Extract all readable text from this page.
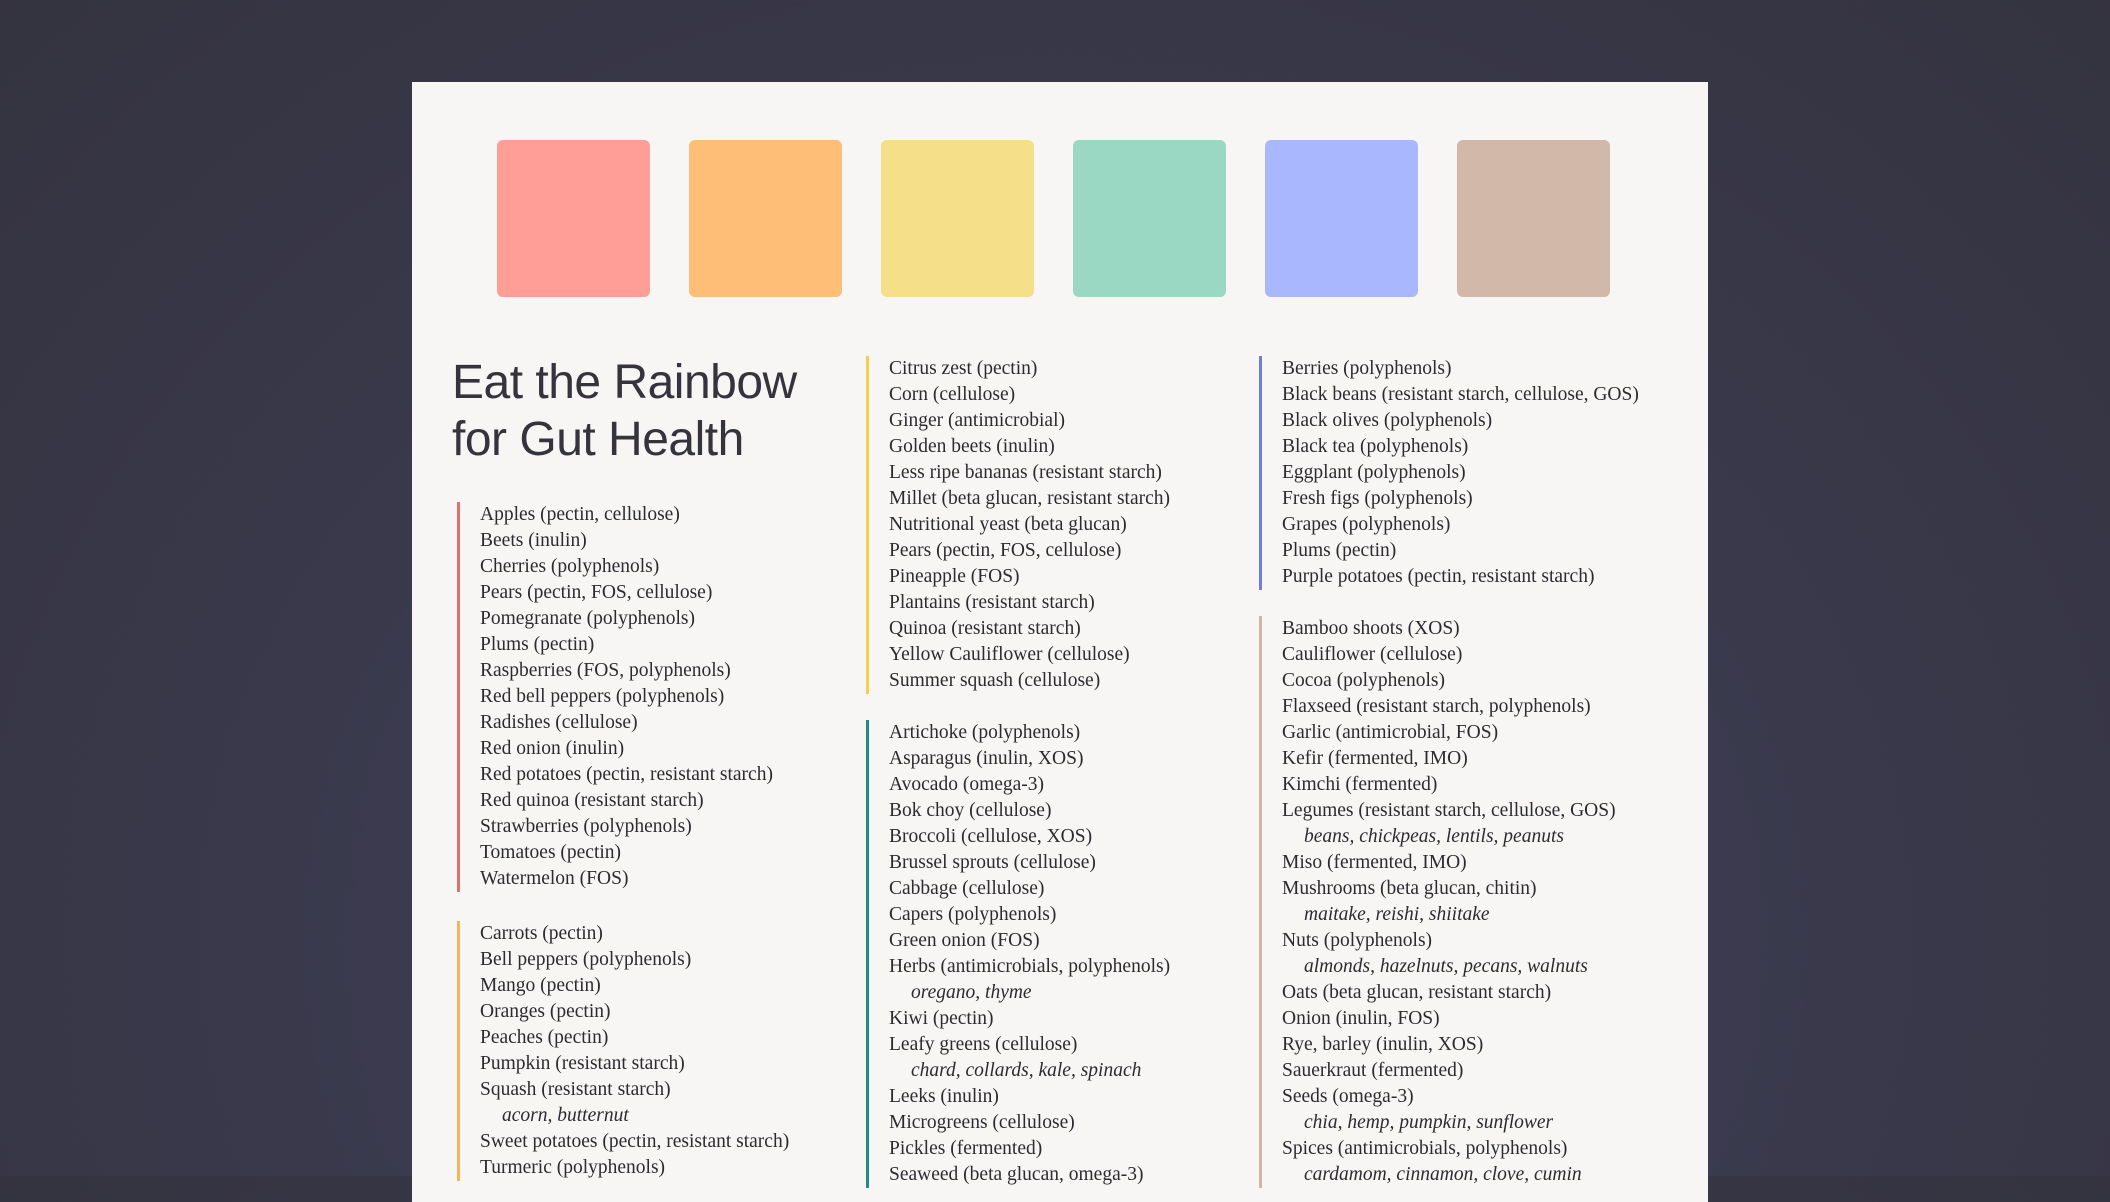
Eat the Rainbow
for Gut Health
Apples (pectin, cellulose)
Beets (inulin)
Cherries (polyphenols)
Pears (pectin, FOS, cellulose)
Pomegranate (polyphenols)
Plums (pectin)
Raspberries (FOS, polyphenols)
Red bell peppers (polyphenols)
Radishes (cellulose)
Red onion (inulin)
Red potatoes (pectin, resistant starch)
Red quinoa (resistant starch)
Strawberries (polyphenols)
Tomatoes (pectin)
Watermelon (FOS)
Carrots (pectin)
Bell peppers (polyphenols)
Mango (pectin)
Oranges (pectin)
Peaches (pectin)
Pumpkin (resistant starch)
Squash (resistant starch)
acorn, butternut
Sweet potatoes (pectin, resistant starch)
Turmeric (polyphenols)
Citrus zest (pectin)
Corn (cellulose)
Ginger (antimicrobial)
Golden beets (inulin)
Less ripe bananas (resistant starch)
Millet (beta glucan, resistant starch)
Nutritional yeast (beta glucan)
Pears (pectin, FOS, cellulose)
Pineapple (FOS)
Plantains (resistant starch)
Quinoa (resistant starch)
Yellow Cauliflower (cellulose)
Summer squash (cellulose)
Artichoke (polyphenols)
Asparagus (inulin, XOS)
Avocado (omega-3)
Bok choy (cellulose)
Broccoli (cellulose, XOS)
Brussel sprouts (cellulose)
Cabbage (cellulose)
Capers (polyphenols)
Green onion (FOS)
Herbs (antimicrobials, polyphenols)
oregano, thyme
Kiwi (pectin)
Leafy greens (cellulose)
chard, collards, kale, spinach
Leeks (inulin)
Microgreens (cellulose)
Pickles (fermented)
Seaweed (beta glucan, omega-3)
Berries (polyphenols)
Black beans (resistant starch, cellulose, GOS)
Black olives (polyphenols)
Black tea (polyphenols)
Eggplant (polyphenols)
Fresh figs (polyphenols)
Grapes (polyphenols)
Plums (pectin)
Purple potatoes (pectin, resistant starch)
Bamboo shoots (XOS)
Cauliflower (cellulose)
Cocoa (polyphenols)
Flaxseed (resistant starch, polyphenols)
Garlic (antimicrobial, FOS)
Kefir (fermented, IMO)
Kimchi (fermented)
Legumes (resistant starch, cellulose, GOS)
beans, chickpeas, lentils, peanuts
Miso (fermented, IMO)
Mushrooms (beta glucan, chitin)
maitake, reishi, shiitake
Nuts (polyphenols)
almonds, hazelnuts, pecans, walnuts
Oats (beta glucan, resistant starch)
Onion (inulin, FOS)
Rye, barley (inulin, XOS)
Sauerkraut (fermented)
Seeds (omega-3)
chia, hemp, pumpkin, sunflower
Spices (antimicrobials, polyphenols)
cardamom, cinnamon, clove, cumin
